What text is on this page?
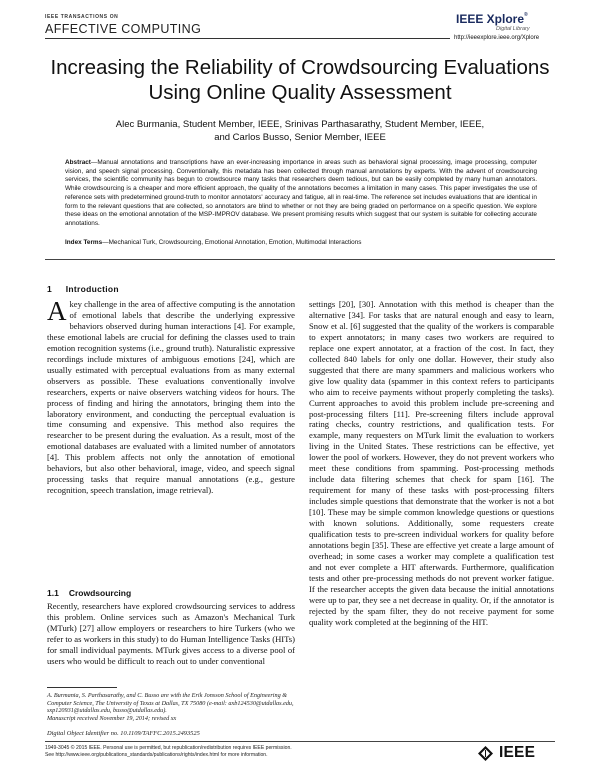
IEEE TRANSACTIONS ON
AFFECTIVE COMPUTING
IEEE Xplore®
Digital Library
http://ieeexplore.ieee.org/Xplore
Increasing the Reliability of Crowdsourcing Evaluations Using Online Quality Assessment
Alec Burmania, Student Member, IEEE, Srinivas Parthasarathy, Student Member, IEEE,
and Carlos Busso, Senior Member, IEEE
Abstract—Manual annotations and transcriptions have an ever-increasing importance in areas such as behavioral signal processing, image processing, computer vision, and speech signal processing. Conventionally, this metadata has been collected through manual annotations by experts. With the advent of crowdsourcing services, the scientific community has begun to crowdsource many tasks that researchers deem tedious, but can be easily completed by many human annotators. While crowdsourcing is a cheaper and more efficient approach, the quality of the annotations becomes a limitation in many cases. This paper investigates the use of reference sets with predetermined ground-truth to monitor annotators' accuracy and fatigue, all in real-time. The reference set includes evaluations that are identical in form to the relevant questions that are collected, so annotators are blind to whether or not they are being graded on performance on a specific question. We explore these ideas on the emotional annotation of the MSP-IMPROV database. We present promising results which suggest that our system is suitable for collecting accurate annotations.
Index Terms—Mechanical Turk, Crowdsourcing, Emotional Annotation, Emotion, Multimodal Interactions
1 Introduction
Akey challenge in the area of affective computing is the annotation of emotional labels that describe the underlying expressive behaviors observed during human interactions [4]. For example, these emotional labels are crucial for defining the classes used to train emotion recognition systems (i.e., ground truth). Naturalistic expressive recordings include mixtures of ambiguous emotions [24], which are usually estimated with perceptual evaluations from as many external observers as possible. These evaluations conventionally involve researchers, experts or naive observers watching videos for hours. The process of finding and hiring the annotators, bringing them into the laboratory environment, and conducting the perceptual evaluation is time consuming and expensive. This method also requires the researcher to be present during the evaluation. As a result, most of the emotional databases are evaluated with a limited number of annotators [4]. This problem affects not only the annotation of emotional behaviors, but also other behavioral, image, video, and speech signal processing tasks that require manual annotations (e.g., gesture recognition, speech translation, image retrieval).
1.1 Crowdsourcing
Recently, researchers have explored crowdsourcing services to address this problem. Online services such as Amazon's Mechanical Turk (MTurk) [27] allow employers or researchers to hire Turkers (who we refer to as workers in this study) to do Human Intelligence Tasks (HITs) for small individual payments. MTurk gives access to a diverse pool of users who would be difficult to reach out to under conventional
settings [20], [30]. Annotation with this method is cheaper than the alternative [34]. For tasks that are natural enough and easy to learn, Snow et al. [6] suggested that the quality of the workers is comparable to expert annotators; in many cases two workers are required to replace one expert annotator, at a fraction of the cost. In fact, they collected 840 labels for only one dollar. However, their study also suggested that there are many spammers and malicious workers who give low quality data (spammer in this context refers to participants who aim to receive payments without properly completing the tasks). Current approaches to avoid this problem include pre-screening and post-processing filters [11]. Pre-screening filters include approval rating checks, country restrictions, and qualification tests. For example, many requesters on MTurk limit the evaluation to workers living in the United States. These restrictions can be effective, yet lower the pool of workers. However, they do not prevent workers who meet these conditions from spamming. Post-processing methods include data filtering schemes that check for spam [16]. The requirement for many of these tasks with post-processing filters includes simple questions that demonstrate that the worker is not a bot [10]. These may be simple common knowledge questions or questions with known solutions. Additionally, some requesters create qualification tests to pre-screen individual workers for quality before annotations begin [35]. These are effective yet create a large amount of overhead; in some cases a worker may complete a qualification test and not ever complete a HIT afterwards. Furthermore, qualification tests and other pre-processing methods do not prevent worker fatigue. If the researcher accepts the given data because the initial annotations were up to par, they see a net decrease in quality. Or, if the annotator is rejected by the spam filter, they do not receive payment for some quality work completed at the beginning of the HIT.
A. Burmania, S. Parthasarathy, and C. Busso are with the Erik Jonsson School of Engineering & Computer Science, The University of Texas at Dallas, TX 75080 (e-mail: axb124530@utdallas.edu, sxp120931@utdallas.edu, busso@utdallas.edu).
Manuscript received November 19, 2014; revised xx
Digital Object Identifier no. 10.1109/TAFFC.2015.2493525
1949-3045 © 2015 IEEE. Personal use is permitted, but republication/redistribution requires IEEE permission.
See http://www.ieee.org/publications_standards/publications/rights/index.html for more information.	IEEE
